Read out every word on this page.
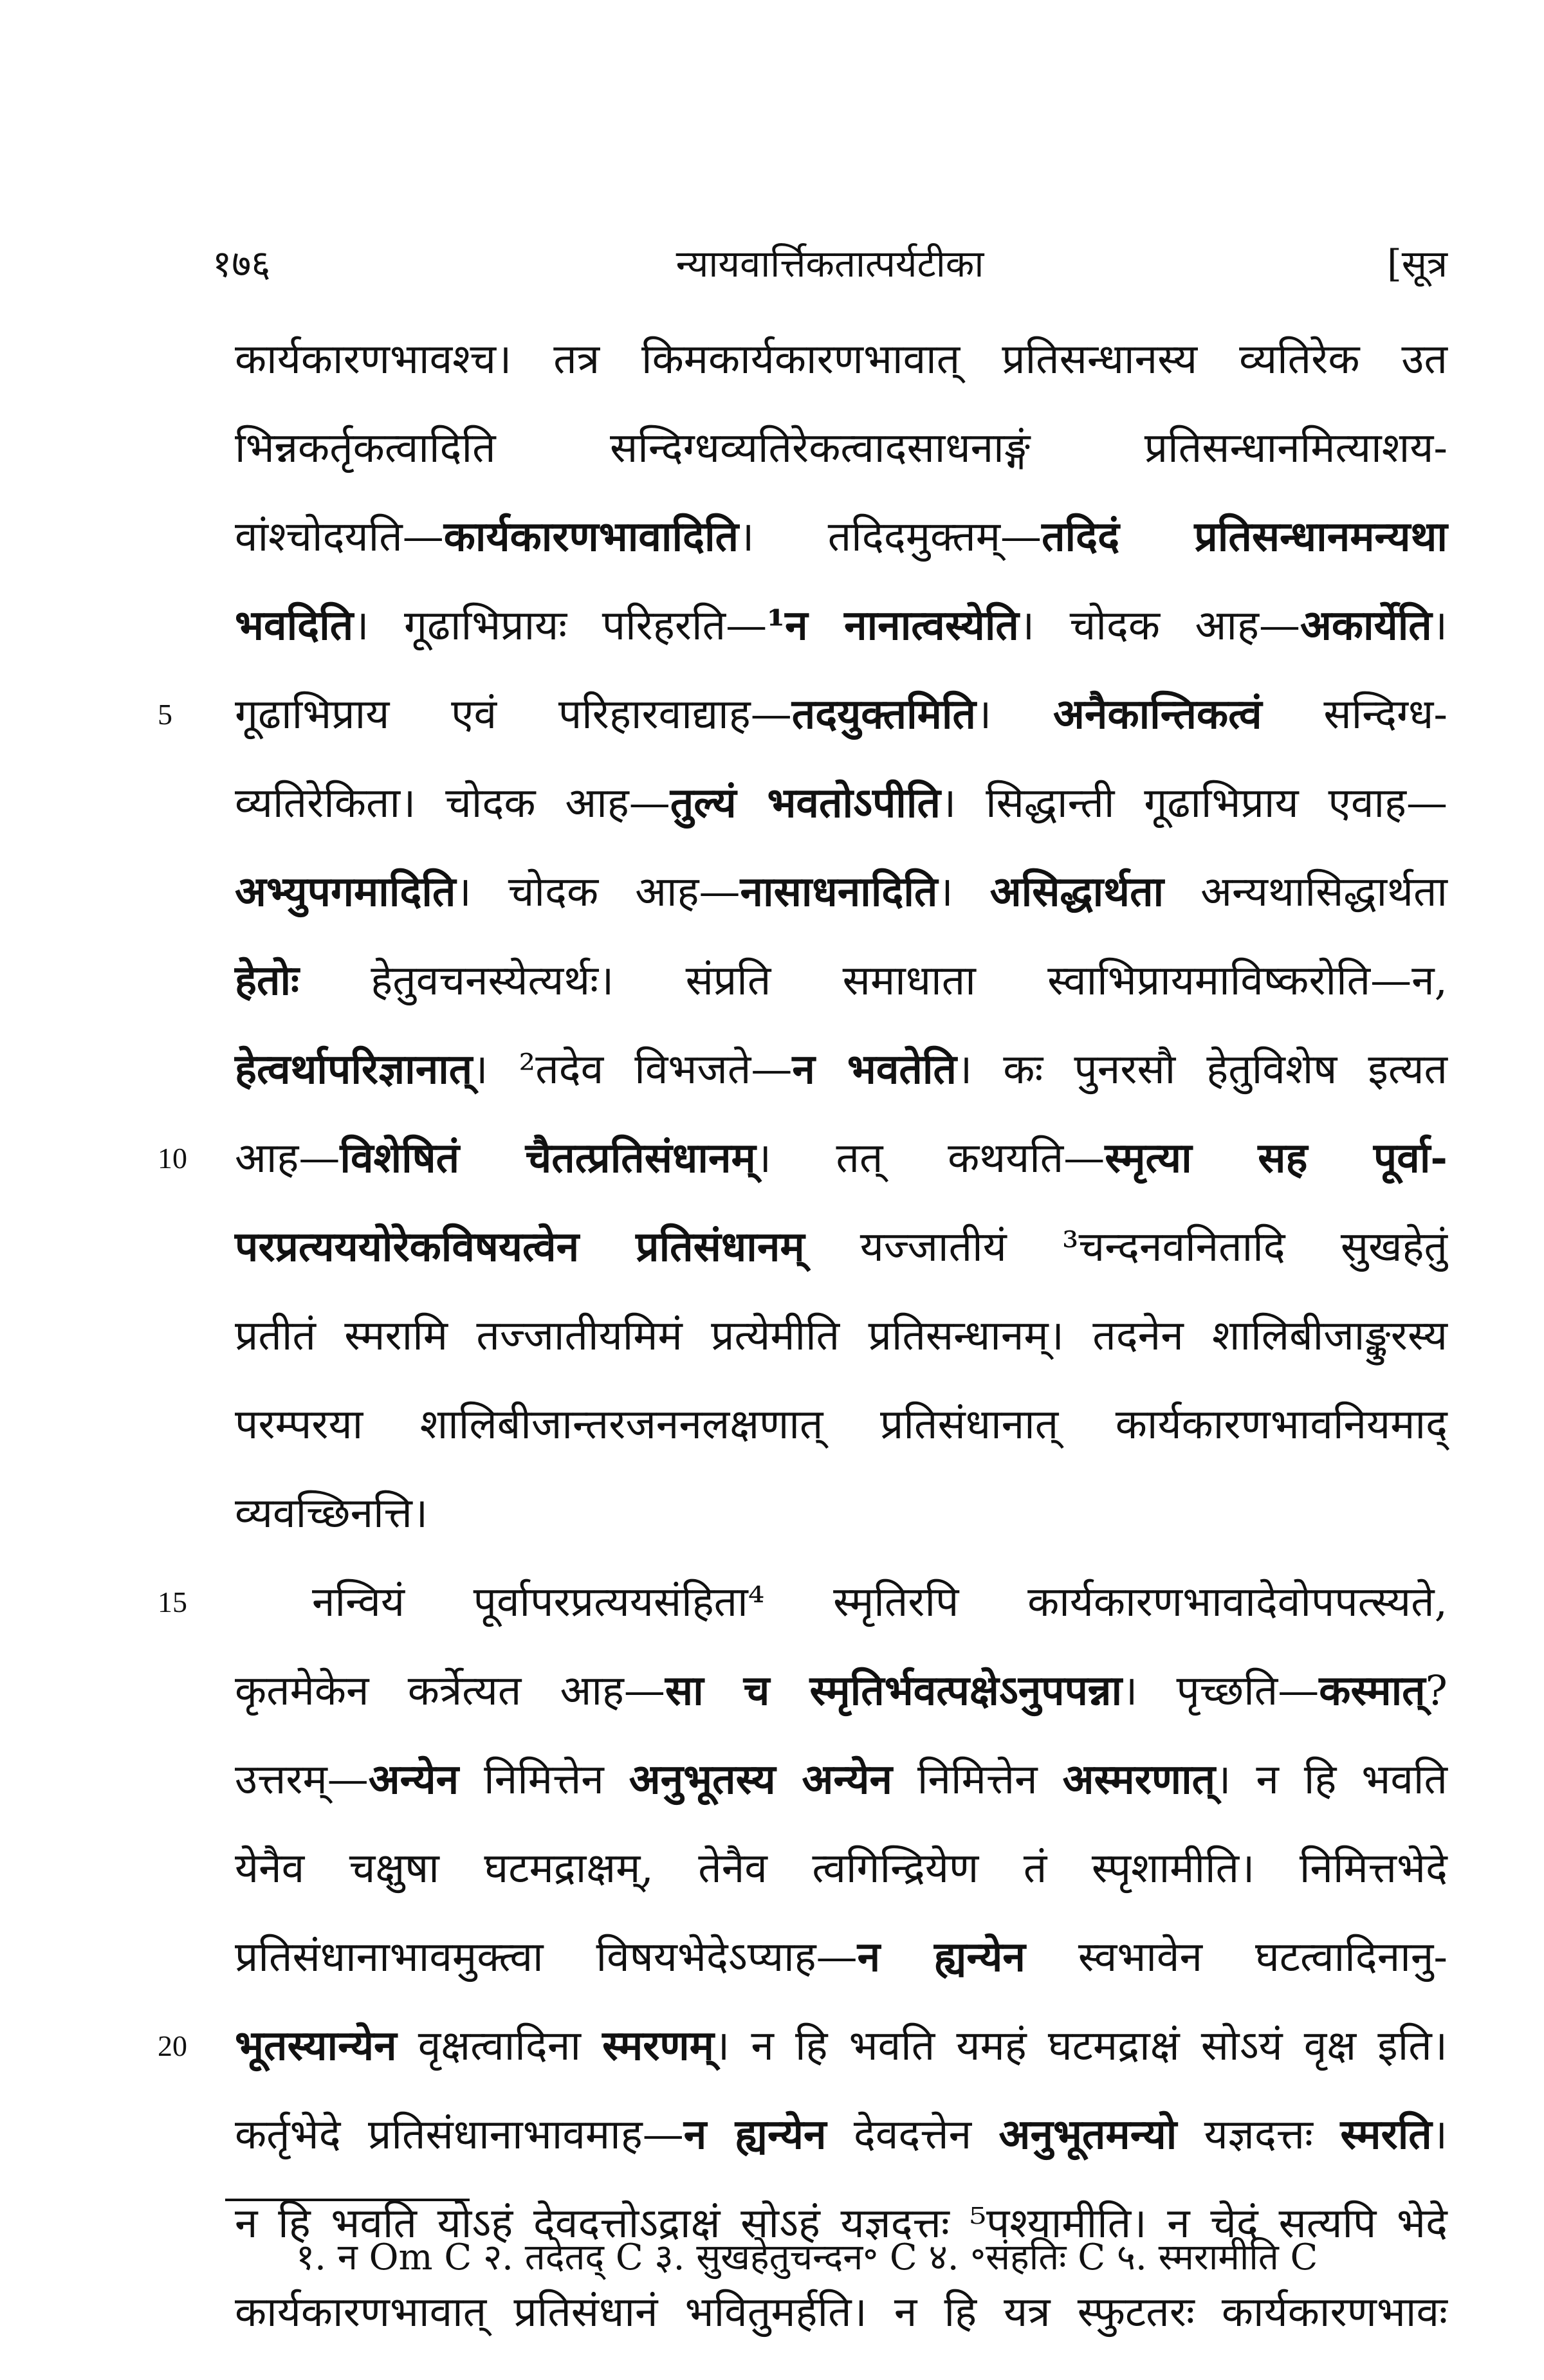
१७६	न्यायवार्त्तिकतात्पर्यटीका	[सूत्र
कार्यकारणभावश्च। तत्र किमकार्यकारणभावात् प्रतिसन्धानस्य व्यतिरेक उत
भिन्नकर्तृकत्वादिति सन्दिग्धव्यतिरेकत्वादसाधनाङ्गं प्रतिसन्धानमित्याशय-
वांश्चोदयति—कार्यकारणभावादिति। तदिदमुक्तम्—तदिदं प्रतिसन्धानमन्यथा
भवदिति। गूढाभिप्रायः परिहरति—¹न नानात्वस्येति। चोदक आह—अकार्येति।
5	गूढाभिप्राय एवं परिहारवाद्याह—तदयुक्तमिति। अनैकान्तिकत्वं सन्दिग्ध-
व्यतिरेकिता। चोदक आह—तुल्यं भवतोऽपीति। सिद्धान्ती गूढाभिप्राय एवाह—
अभ्युपगमादिति। चोदक आह—नासाधनादिति। असिद्धार्थता अन्यथासिद्धार्थता
हेतोः हेतुवचनस्येत्यर्थः। संप्रति समाधाता स्वाभिप्रायमाविष्करोति—न,
हेत्वर्थापरिज्ञानात्। ²तदेव विभजते—न भवतेति। कः पुनरसौ हेतुविशेष इत्यत
10	आह—विशेषितं चैतत्प्रतिसंधानम्। तत् कथयति—स्मृत्या सह पूर्वा-
परप्रत्यययोरेकविषयत्वेन प्रतिसंधानम् यज्जातीयं ³चन्दनवनितादि सुखहेतुं
प्रतीतं स्मरामि तज्जातीयमिमं प्रत्येमीति प्रतिसन्धानम्। तदनेन शालिबीजाङ्कुरस्य
परम्परया शालिबीजान्तरजननलक्षणात् प्रतिसंधानात् कार्यकारणभावनियमाद्
व्यवच्छिनत्ति।
15	नन्वियं पूर्वापरप्रत्ययसंहिता⁴ स्मृतिरपि कार्यकारणभावादेवोपपत्स्यते,
कृतमेकेन कर्त्रेत्यत आह—सा च स्मृतिर्भवत्पक्षेऽनुपपन्ना। पृच्छति—कस्मात्?
उत्तरम्—अन्येन निमित्तेन अनुभूतस्य अन्येन निमित्तेन अस्मरणात्। न हि भवति
येनैव चक्षुषा घटमद्राक्षम्, तेनैव त्वगिन्द्रियेण तं स्पृशामीति। निमित्तभेदे
प्रतिसंधानाभावमुक्त्वा विषयभेदेऽप्याह—न ह्यन्येन स्वभावेन घटत्वादिनानु-
20	भूतस्यान्येन वृक्षत्वादिना स्मरणम्। न हि भवति यमहं घटमद्राक्षं सोऽयं वृक्ष इति।
कर्तृभेदे प्रतिसंधानाभावमाह—न ह्यन्येन देवदत्तेन अनुभूतमन्यो यज्ञदत्तः स्मरति।
न हि भवति योऽहं देवदत्तोऽद्राक्षं सोऽहं यज्ञदत्तः ⁵पश्यामीति। न चेदं सत्यपि भेदे
कार्यकारणभावात् प्रतिसंधानं भवितुमर्हति। न हि यत्र स्फुटतरः कार्यकारणभावः
१. न Om C २. तदेतद् C ३. सुखहेतुचन्दन॰ C ४. ॰संहतिः C ५. स्मरामीति C
